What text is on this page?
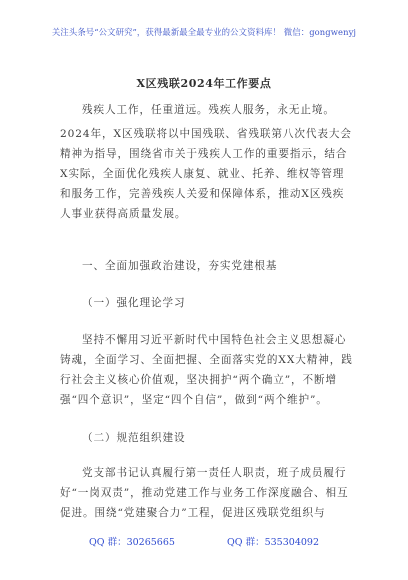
关注头条号“公文研究”，获得最新最全最专业的公文资料库！ 微信：gongwenyj
X区残联2024年工作要点
残疾人工作，任重道远。残疾人服务，永无止境。
2024年，X区残联将以中国残联、省残联第八次代表大会精神为指导，围绕省市关于残疾人工作的重要指示，结合X实际，全面优化残疾人康复、就业、托养、维权等管理和服务工作，完善残疾人关爱和保障体系，推动X区残疾人事业获得高质量发展。
一、全面加强政治建设，夯实党建根基
（一）强化理论学习
坚持不懈用习近平新时代中国特色社会主义思想凝心铸魂，全面学习、全面把握、全面落实党的XX大精神，践行社会主义核心价值观，坚决拥护“两个确立”，不断增强“四个意识”，坚定“四个自信”，做到“两个维护”。
（二）规范组织建设
党支部书记认真履行第一责任人职责，班子成员履行好“一岗双责”，推动党建工作与业务工作深度融合、相互促进。围绕“党建聚合力”工程，促进区残联党组织与
QQ 群：30265665	QQ 群：535304092
